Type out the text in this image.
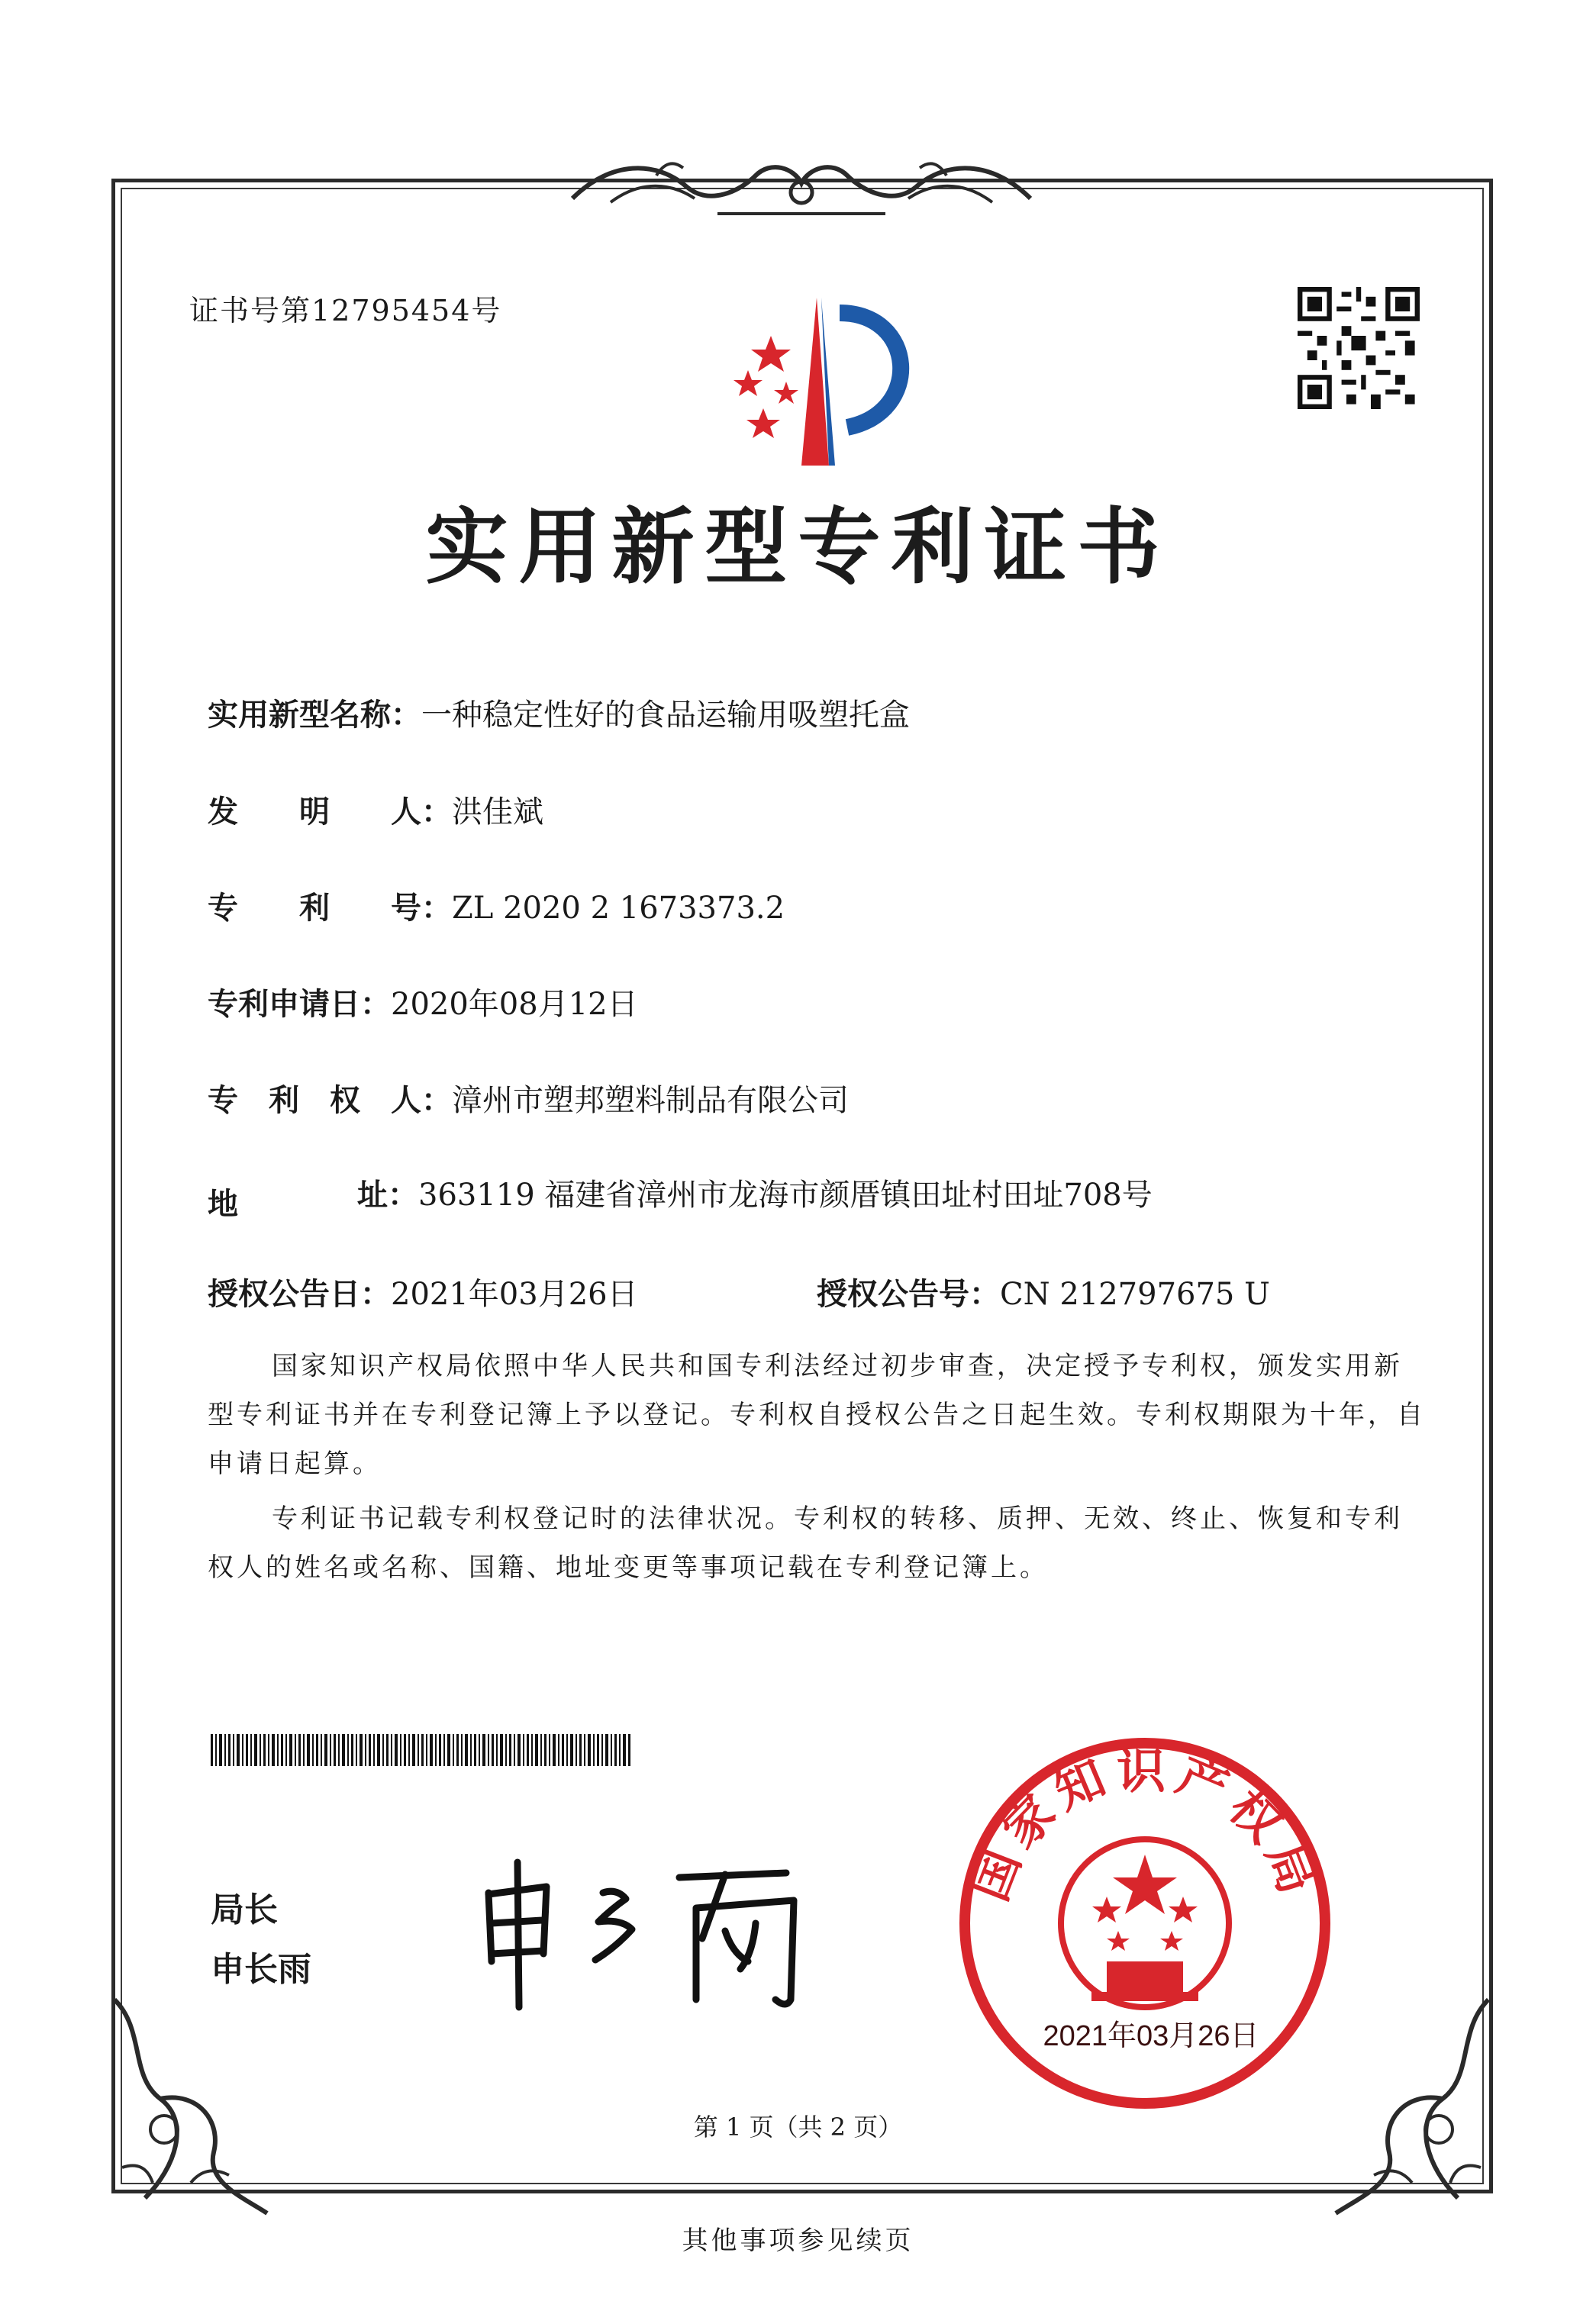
证书号第12795454号
实用新型专利证书
实用新型名称：一种稳定性好的食品运输用吸塑托盒
发　　明　　人：洪佳斌
专　　利　　号：ZL 2020 2 1673373.2
专利申请日：2020年08月12日
专　利　权　人：漳州市塑邦塑料制品有限公司
地	址：363119 福建省漳州市龙海市颜厝镇田址村田址708号
授权公告日：2021年03月26日	授权公告号：CN 212797675 U
国家知识产权局依照中华人民共和国专利法经过初步审查，决定授予专利权，颁发实用新型专利证书并在专利登记簿上予以登记。专利权自授权公告之日起生效。专利权期限为十年，自申请日起算。
专利证书记载专利权登记时的法律状况。专利权的转移、质押、无效、终止、恢复和专利权人的姓名或名称、国籍、地址变更等事项记载在专利登记簿上。
局长
申长雨
国家知识产权局
2021年03月26日
第 1 页（共 2 页）
其他事项参见续页
